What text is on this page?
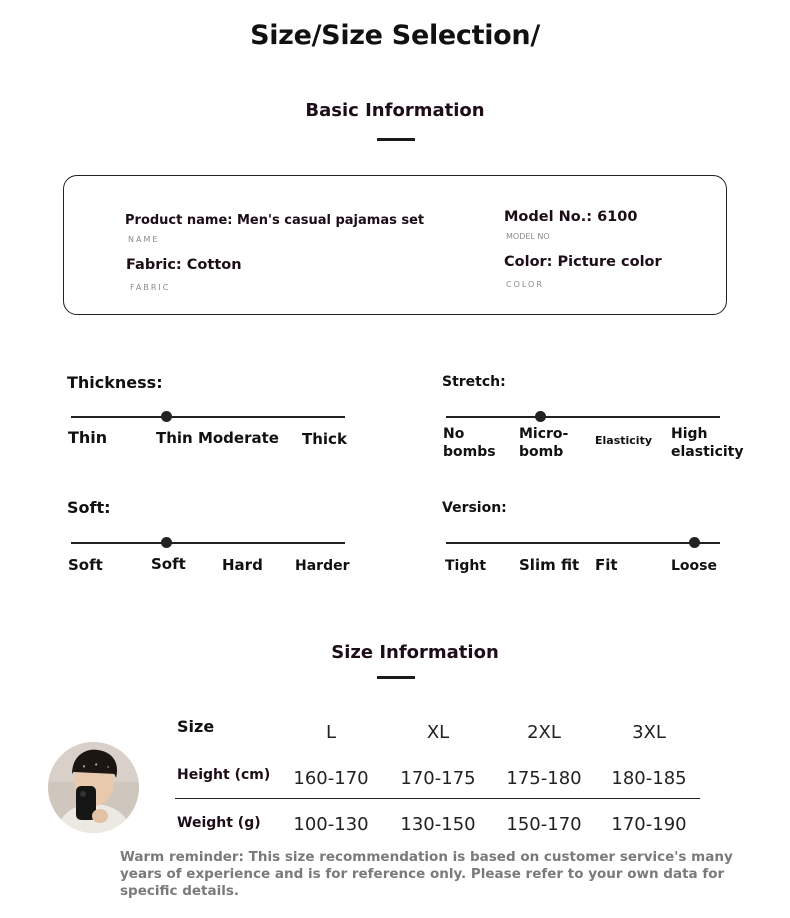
Size/Size Selection/
Basic Information
Product name: Men's casual pajamas set
NAME
Fabric: Cotton
FABRIC
Model No.: 6100
MODEL NO
Color: Picture color
COLOR
Thickness:
Thin	Thin Moderate Thick
Stretch:
No bombs
Micro-bomb
Elasticity High elasticity
Soft:
Soft	Soft Hard Harder
Version:
Tight Slim fit Fit	Loose
Size Information
Size	L	XL	2XL	3XL
Height (cm)	160-170	170-175	175-180	180-185
Weight (g)	100-130	130-150	150-170	170-190
Warm reminder: This size recommendation is based on customer service's many years of experience and is for reference only. Please refer to your own data for specific details.
